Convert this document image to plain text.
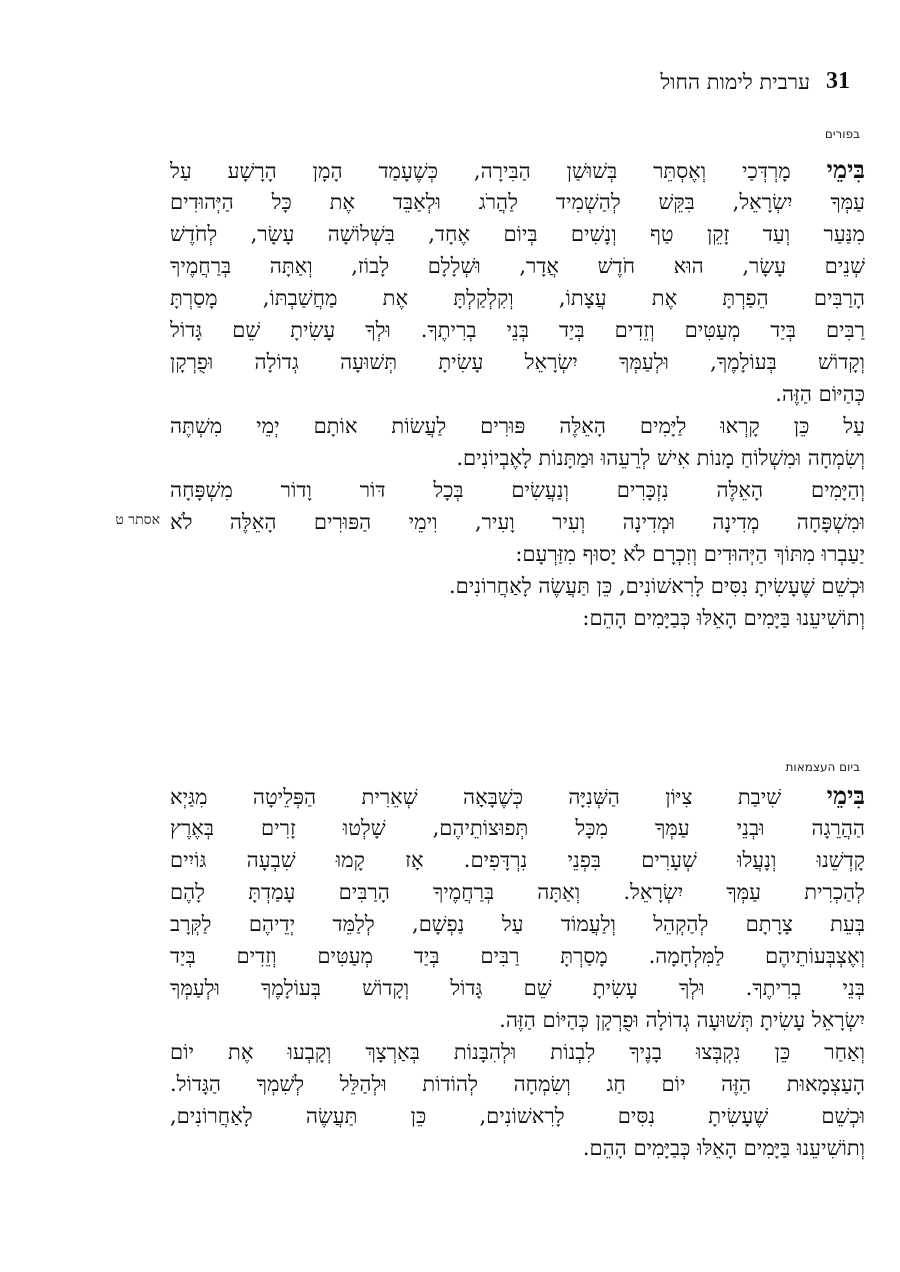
31
ערבית לימות החול
בפורים
בִּימֵי מָרְדְּכַי וְאֶסְתֵּר בְּשׁוּשַׁן הַבִּירָה, כְּשֶׁעָמַד הָמָן הָרָשָׁע עַל
עַמְּךָ יִשְׂרָאֵל, בִּקֵּשׁ לְהַשְׁמִיד לַהֲרֹג וּלְאַבֵּד אֶת כָּל הַיְּהוּדִים
מִנַּעַר וְעַד זָקֵן טַף וְנָשִׁים בְּיוֹם אֶחָד, בִּשְׁלוֹשָׁה עָשָׂר, לְחֹדֶשׁ
שְׁנֵים עָשָׂר, הוּא חֹדֶשׁ אֲדָר, וּשְׁלָלָם לָבוֹז, וְאַתָּה בְּרַחֲמֶיךָ
הָרַבִּים הֵפַרְתָּ אֶת עֲצָתוֹ, וְקִלְקַלְתָּ אֶת מַחֲשַׁבְתּוֹ, מָסַרְתָּ
רַבִּים בְּיַד מְעַטִּים וְזֵדִים בְּיַד בְּנֵי בְרִיתֶךָ. וּלְךָ עָשִׂיתָ שֵׁם גָּדוֹל
וְקָדוֹשׁ בְּעוֹלָמֶךָ, וּלְעַמְּךָ יִשְׂרָאֵל עָשִׂיתָ תְּשׁוּעָה גְדוֹלָה וּפֻרְקָן
כְּהַיּוֹם הַזֶּה.
עַל כֵּן קָרְאוּ לַיָּמִים הָאֵלֶּה פּוּרִים לַעֲשׂוֹת אוֹתָם יְמֵי מִשְׁתֶּה
וְשִׂמְחָה וּמִשְׁלוֹחַ מָנוֹת אִישׁ לְרֵעֵהוּ וּמַתָּנוֹת לָאֶבְיוֹנִים.
וְהַיָּמִים הָאֵלֶּה נִזְכָּרִים וְנַעֲשִׂים בְּכָל דּוֹר וָדוֹר מִשְׁפָּחָה
וּמִשְׁפָּחָה מְדִינָה וּמְדִינָה וְעִיר וָעִיר, וִימֵי הַפּוּרִים הָאֵלֶּה לֹא
יַעַבְרוּ מִתּוֹךְ הַיְּהוּדִים וְזִכְרָם לֹא יָסוּף מִזַּרְעָם:
וּכְשֵׁם שֶׁעָשִׂיתָ נִסִּים לָרִאשׁוֹנִים, כֵּן תַּעֲשֶׂה לָאַחֲרוֹנִים.
וְתוֹשִׁיעֵנוּ בַּיָּמִים הָאֵלּוּ כְּבַיָּמִים הָהֵם:
אסתר ט
ביום העצמאות
בִּימֵי שִׁיבַת צִיּוֹן הַשְּׁנִיָּה כְּשֶׁבָּאָה שְׁאֵרִית הַפְּלֵיטָה מִגַּיְא
הַהֲרֵגָה וּבְנֵי עַמְּךָ מִכָּל תְּפוּצוֹתֵיהֶם, שָׁלְטוּ זָרִים בְּאֶרֶץ
קָדְשֵׁנוּ וְנָעֲלוּ שְׁעָרִים בִּפְנֵי נִרְדָּפִים. אָז קָמוּ שִׁבְעָה גּוֹיִים
לְהַכְרִית עַמְּךָ יִשְׂרָאֵל. וְאַתָּה בְּרַחֲמֶיךָ הָרַבִּים עָמַדְתָּ לָהֶם
בְּעֵת צָרָתָם לְהַקְהֵל וְלַעֲמוֹד עַל נַפְשָׁם, לְלַמֵּד יְדֵיהֶם לַקְּרָב
וְאֶצְבְּעוֹתֵיהֶם לַמִּלְחָמָה. מָסַרְתָּ רַבִּים בְּיַד מְעַטִּים וְזֵדִים בְּיַד
בְּנֵי בְרִיתֶךָ. וּלְךָ עָשִׂיתָ שֵׁם גָּדוֹל וְקָדוֹשׁ בְּעוֹלָמֶךָ וּלְעַמְּךָ
יִשְׂרָאֵל עָשִׂיתָ תְּשׁוּעָה גְדוֹלָה וּפֻרְקָן כְּהַיּוֹם הַזֶּה.
וְאַחַר כֵּן נִקְבְּצוּ בָנֶיךָ לִבְנוֹת וּלְהִבָּנוֹת בְּאַרְצָךְ וְקָבְעוּ אֶת יוֹם
הָעַצְמָאוּת הַזֶּה יוֹם חַג וְשִׂמְחָה לְהוֹדוֹת וּלְהַלֵּל לְשִׁמְךָ הַגָּדוֹל.
וּכְשֵׁם שֶׁעָשִׂיתָ נִסִּים לָרִאשׁוֹנִים, כֵּן תַּעֲשֶׂה לָאַחֲרוֹנִים,
וְתוֹשִׁיעֵנוּ בַּיָּמִים הָאֵלּוּ כְּבַיָּמִים הָהֵם.
